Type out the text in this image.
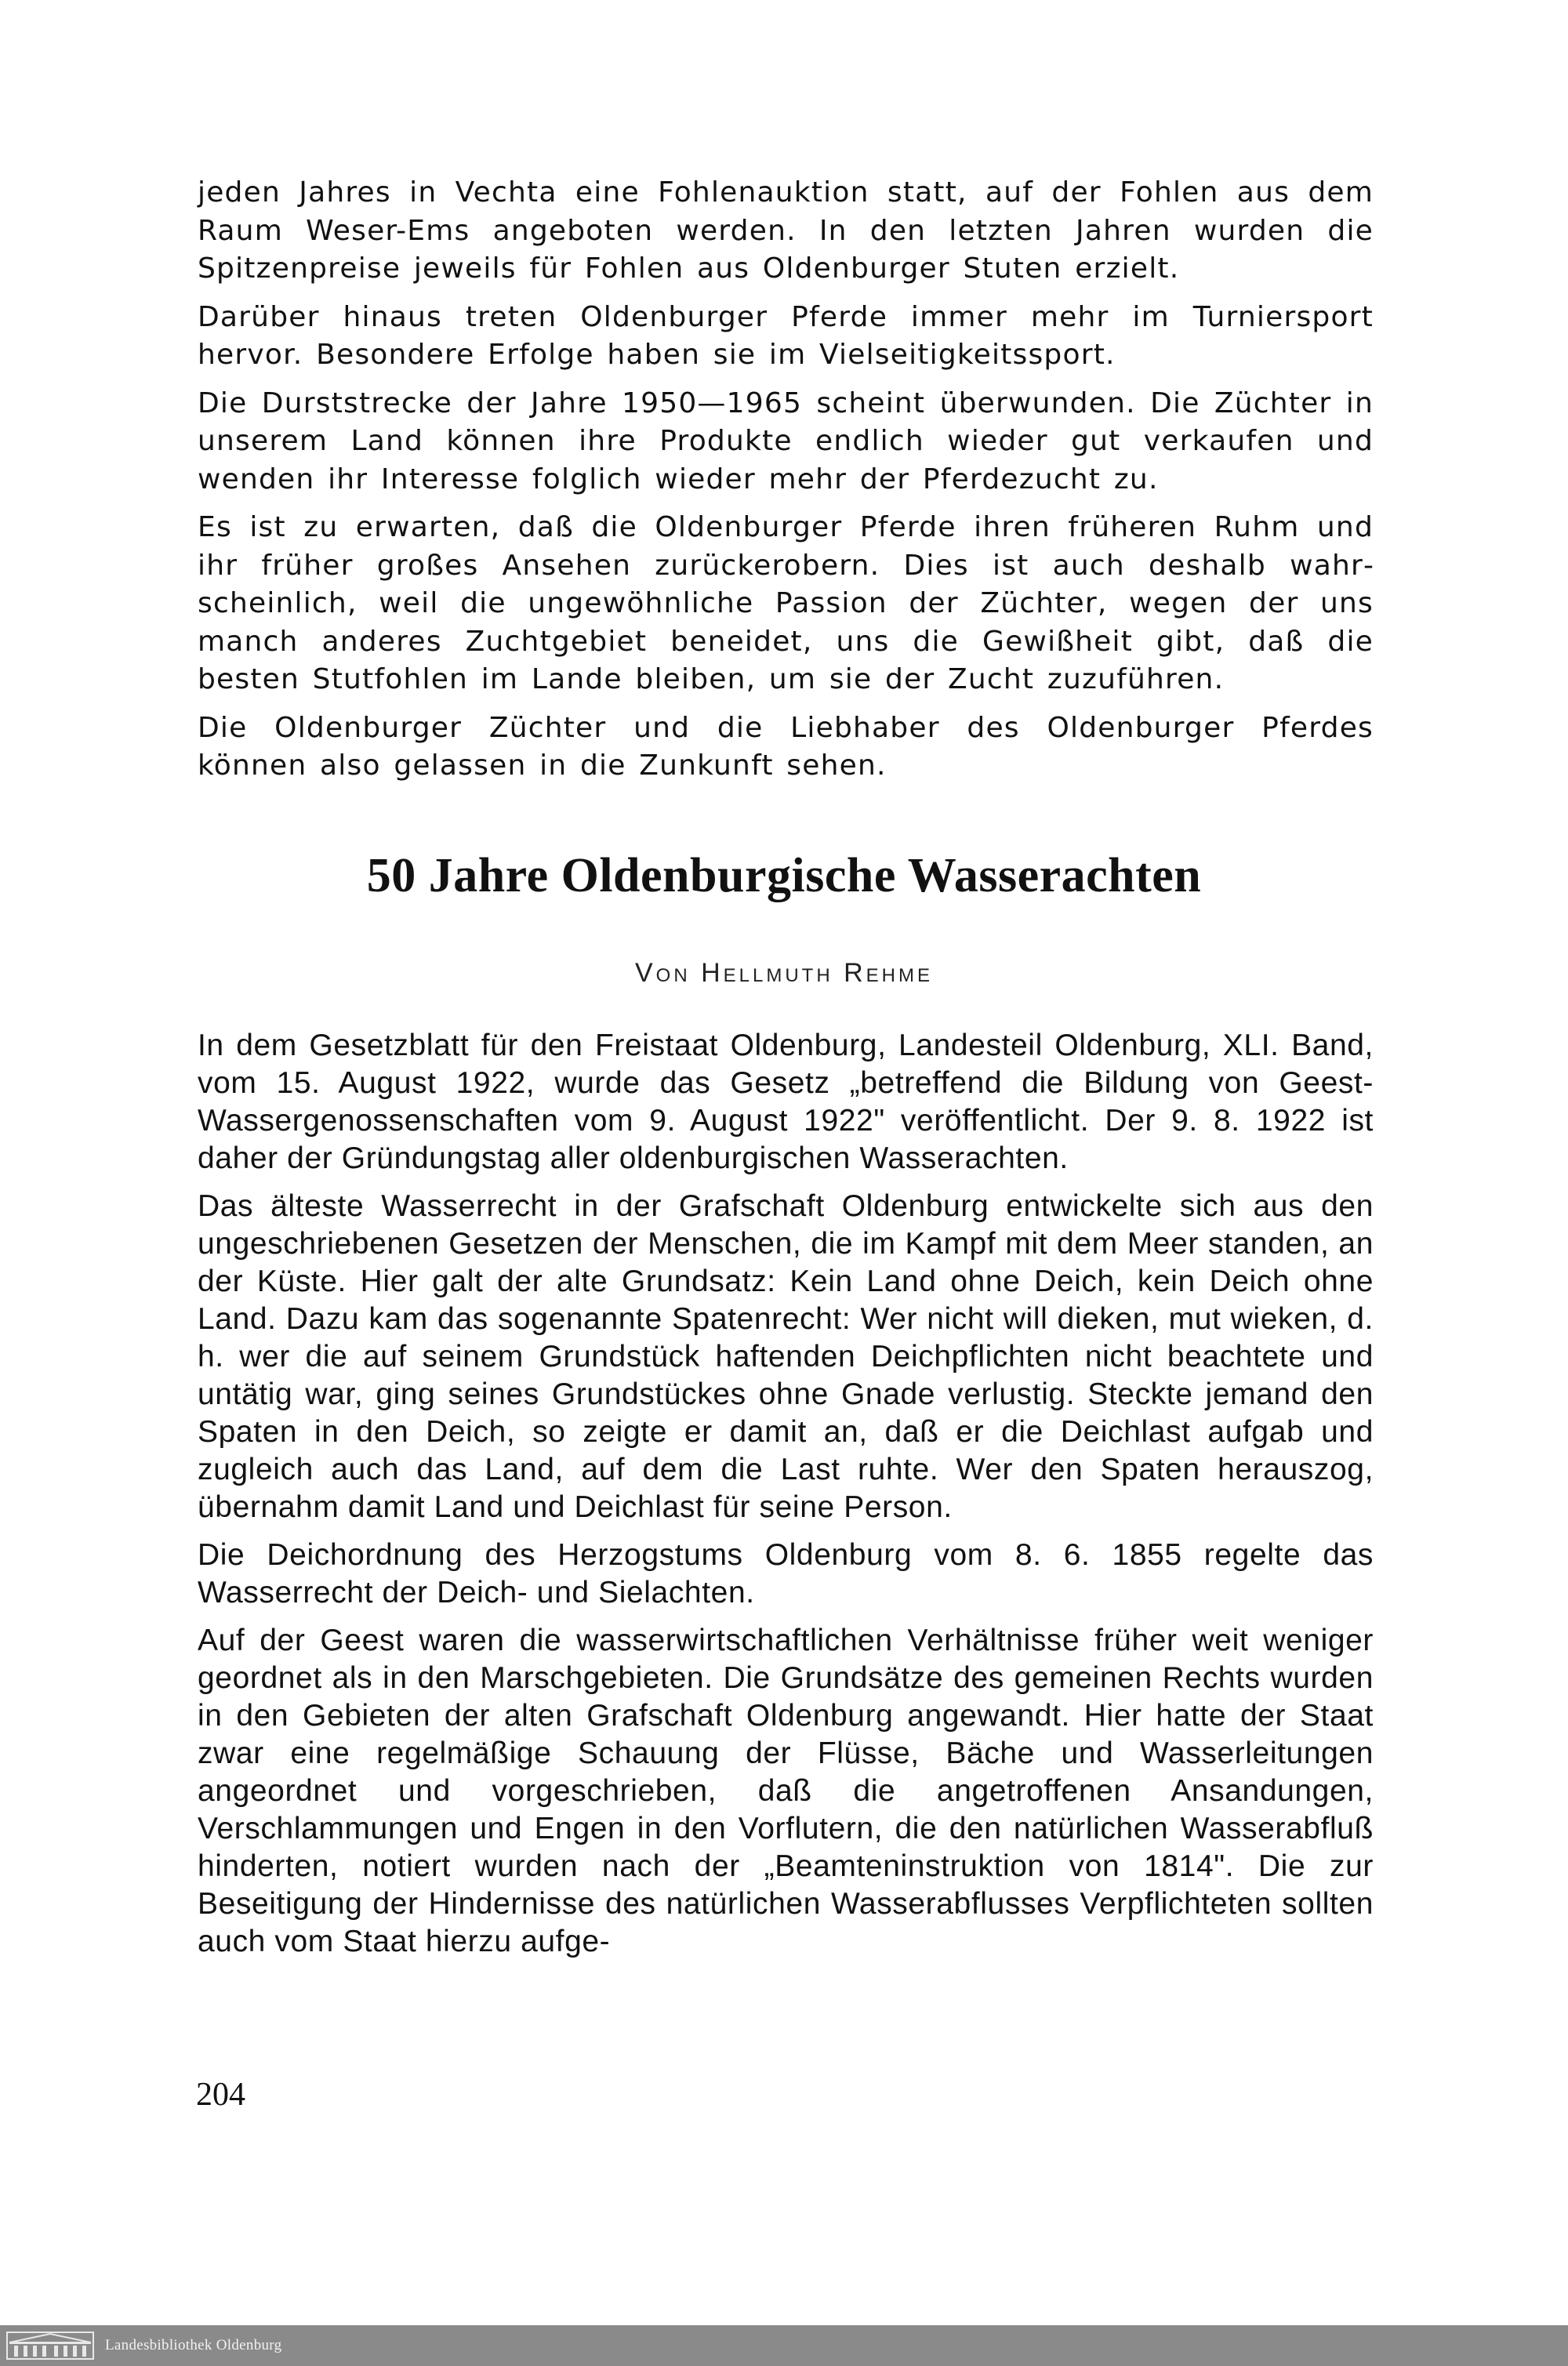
jeden Jahres in Vechta eine Fohlenauktion statt, auf der Fohlen aus dem Raum Weser-Ems angeboten werden. In den letzten Jahren wurden die Spitzenpreise jeweils für Fohlen aus Oldenburger Stuten erzielt.

Darüber hinaus treten Oldenburger Pferde immer mehr im Turniersport hervor. Besondere Erfolge haben sie im Vielseitigkeitssport.

Die Durststrecke der Jahre 1950—1965 scheint überwunden. Die Züchter in unserem Land können ihre Produkte endlich wieder gut verkaufen und wenden ihr Interesse folglich wieder mehr der Pferdezucht zu.

Es ist zu erwarten, daß die Oldenburger Pferde ihren früheren Ruhm und ihr früher großes Ansehen zurückerobern. Dies ist auch deshalb wahrscheinlich, weil die ungewöhnliche Passion der Züchter, wegen der uns manch anderes Zuchtgebiet beneidet, uns die Gewißheit gibt, daß die besten Stutfohlen im Lande bleiben, um sie der Zucht zuzuführen.

Die Oldenburger Züchter und die Liebhaber des Oldenburger Pferdes können also gelassen in die Zunkunft sehen.

50 Jahre Oldenburgische Wasserachten
Von Hellmuth Rehme

In dem Gesetzblatt für den Freistaat Oldenburg, Landesteil Oldenburg, XLI. Band, vom 15. August 1922, wurde das Gesetz „betreffend die Bildung von Geest-Wassergenossenschaften vom 9. August 1922" veröffentlicht. Der 9. 8. 1922 ist daher der Gründungstag aller oldenburgischen Wasserachten.

Das älteste Wasserrecht in der Grafschaft Oldenburg entwickelte sich aus den ungeschriebenen Gesetzen der Menschen, die im Kampf mit dem Meer standen, an der Küste. Hier galt der alte Grundsatz: Kein Land ohne Deich, kein Deich ohne Land. Dazu kam das sogenannte Spatenrecht: Wer nicht will dieken, mut wieken, d. h. wer die auf seinem Grundstück haftenden Deichpflichten nicht beachtete und untätig war, ging seines Grundstückes ohne Gnade verlustig. Steckte jemand den Spaten in den Deich, so zeigte er damit an, daß er die Deichlast aufgab und zugleich auch das Land, auf dem die Last ruhte. Wer den Spaten herauszog, übernahm damit Land und Deichlast für seine Person.

Die Deichordnung des Herzogstums Oldenburg vom 8. 6. 1855 regelte das Wasserrecht der Deich- und Sielachten.

Auf der Geest waren die wasserwirtschaftlichen Verhältnisse früher weit weniger geordnet als in den Marschgebieten. Die Grundsätze des gemeinen Rechts wurden in den Gebieten der alten Grafschaft Oldenburg angewandt. Hier hatte der Staat zwar eine regelmäßige Schauung der Flüsse, Bäche und Wasserleitungen angeordnet und vorgeschrieben, daß die angetroffenen Ansandungen, Verschlammungen und Engen in den Vorflutern, die den natürlichen Wasserabfluß hinderten, notiert wurden nach der „Beamteninstruktion von 1814". Die zur Beseitigung der Hindernisse des natürlichen Wasserabflusses Verpflichteten sollten auch vom Staat hierzu aufge-

204
Landesbibliothek Oldenburg
